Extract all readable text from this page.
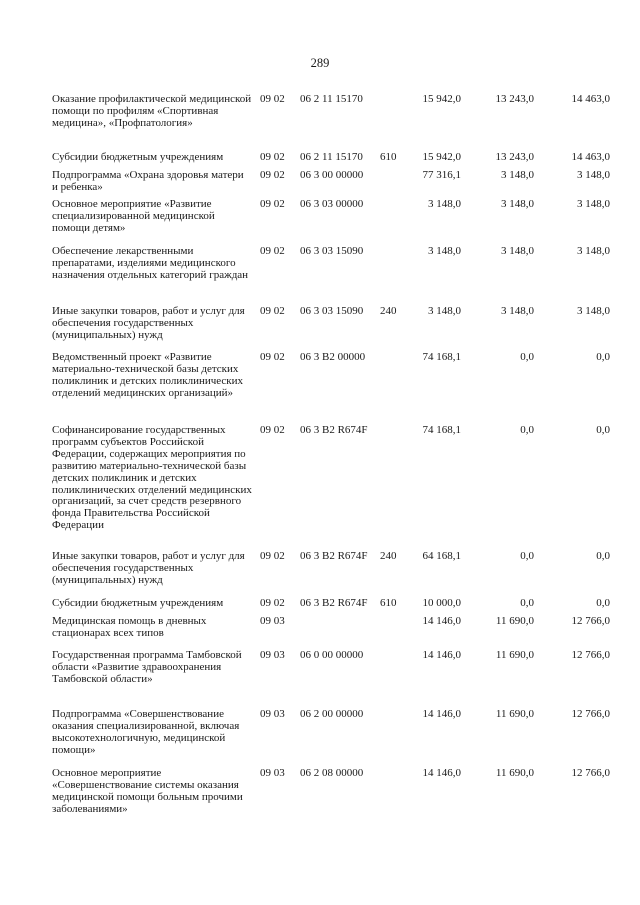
289
Оказание профилактической медицинской помощи по профилям «Спортивная медицина», «Профпатология»
09 02	06 2 11 15170	15 942,0	13 243,0	14 463,0
Субсидии бюджетным учреждениям	09 02	06 2 11 15170	610	15 942,0	13 243,0	14 463,0
Подпрограмма «Охрана здоровья матери и ребенка»
09 02	06 3 00 00000	77 316,1	3 148,0	3 148,0
Основное мероприятие «Развитие специализированной медицинской помощи детям»
09 02	06 3 03 00000	3 148,0	3 148,0	3 148,0
Обеспечение лекарственными препаратами, изделиями медицинского назначения отдельных категорий граждан
09 02	06 3 03 15090	3 148,0	3 148,0	3 148,0
Иные закупки товаров, работ и услуг для обеспечения государственных (муниципальных) нужд
09 02	06 3 03 15090	240	3 148,0	3 148,0	3 148,0
Ведомственный проект «Развитие материально-технической базы детских поликлиник и детских поликлинических отделений медицинских организаций»
09 02	06 3 В2 00000	74 168,1	0,0	0,0
Софинансирование государственных программ субъектов Российской Федерации, содержащих мероприятия по развитию материально-технической базы детских поликлиник и детских поликлинических отделений медицинских организаций, за счет средств резервного фонда Правительства Российской Федерации
09 02	06 3 В2 R674F	74 168,1	0,0	0,0
Иные закупки товаров, работ и услуг для обеспечения государственных (муниципальных) нужд
09 02	06 3 В2 R674F	240	64 168,1	0,0	0,0
Субсидии бюджетным учреждениям	09 02	06 3 В2 R674F	610	10 000,0	0,0	0,0
Медицинская помощь в дневных стационарах всех типов
09 03	14 146,0	11 690,0	12 766,0
Государственная программа Тамбовской области «Развитие здравоохранения Тамбовской области»
09 03	06 0 00 00000	14 146,0	11 690,0	12 766,0
Подпрограмма «Совершенствование оказания специализированной, включая высокотехнологичную, медицинской помощи»
09 03	06 2 00 00000	14 146,0	11 690,0	12 766,0
Основное мероприятие «Совершенствование системы оказания медицинской помощи больным прочими заболеваниями»
09 03	06 2 08 00000	14 146,0	11 690,0	12 766,0
